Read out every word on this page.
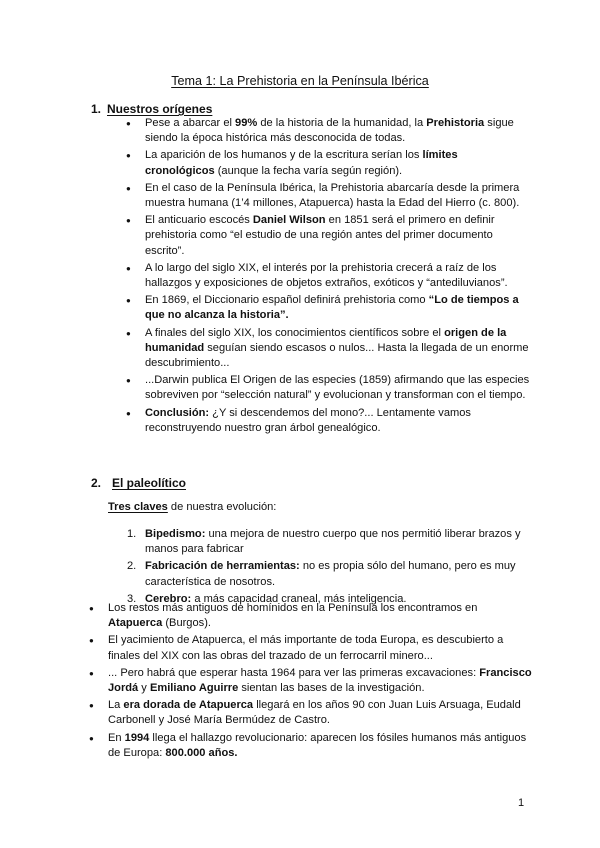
Tema 1: La Prehistoria en la Península Ibérica
1. Nuestros orígenes
● Pese a abarcar el 99% de la historia de la humanidad, la Prehistoria sigue siendo la época histórica más desconocida de todas.
● La aparición de los humanos y de la escritura serían los límites cronológicos (aunque la fecha varía según región).
● En el caso de la Península Ibérica, la Prehistoria abarcaría desde la primera muestra humana (1’4 millones, Atapuerca) hasta la Edad del Hierro (c. 800).
● El anticuario escocés Daniel Wilson en 1851 será el primero en definir prehistoria como “el estudio de una región antes del primer documento escrito”.
● A lo largo del siglo XIX, el interés por la prehistoria crecerá a raíz de los hallazgos y exposiciones de objetos extraños, exóticos y “antediluvianos”.
● En 1869, el Diccionario español definirá prehistoria como “Lo de tiempos a que no alcanza la historia”.
● A finales del siglo XIX, los conocimientos científicos sobre el origen de la humanidad seguían siendo escasos o nulos... Hasta la llegada de un enorme descubrimiento...
● ...Darwin publica El Origen de las especies (1859) afirmando que las especies sobreviven por “selección natural” y evolucionan y transforman con el tiempo.
● Conclusión: ¿Y si descendemos del mono?... Lentamente vamos reconstruyendo nuestro gran árbol genealógico.
2. El paleolítico
Tres claves de nuestra evolución:
1. Bipedismo: una mejora de nuestro cuerpo que nos permitió liberar brazos y manos para fabricar
2. Fabricación de herramientas: no es propia sólo del humano, pero es muy característica de nosotros.
3. Cerebro: a más capacidad craneal, más inteligencia.
● Los restos más antiguos de homínidos en la Península los encontramos en Atapuerca (Burgos).
● El yacimiento de Atapuerca, el más importante de toda Europa, es descubierto a finales del XIX con las obras del trazado de un ferrocarril minero...
● ... Pero habrá que esperar hasta 1964 para ver las primeras excavaciones: Francisco Jordá y Emiliano Aguirre sientan las bases de la investigación.
● La era dorada de Atapuerca llegará en los años 90 con Juan Luis Arsuaga, Eudald Carbonell y José María Bermúdez de Castro.
● En 1994 llega el hallazgo revolucionario: aparecen los fósiles humanos más antiguos de Europa: 800.000 años.
1
